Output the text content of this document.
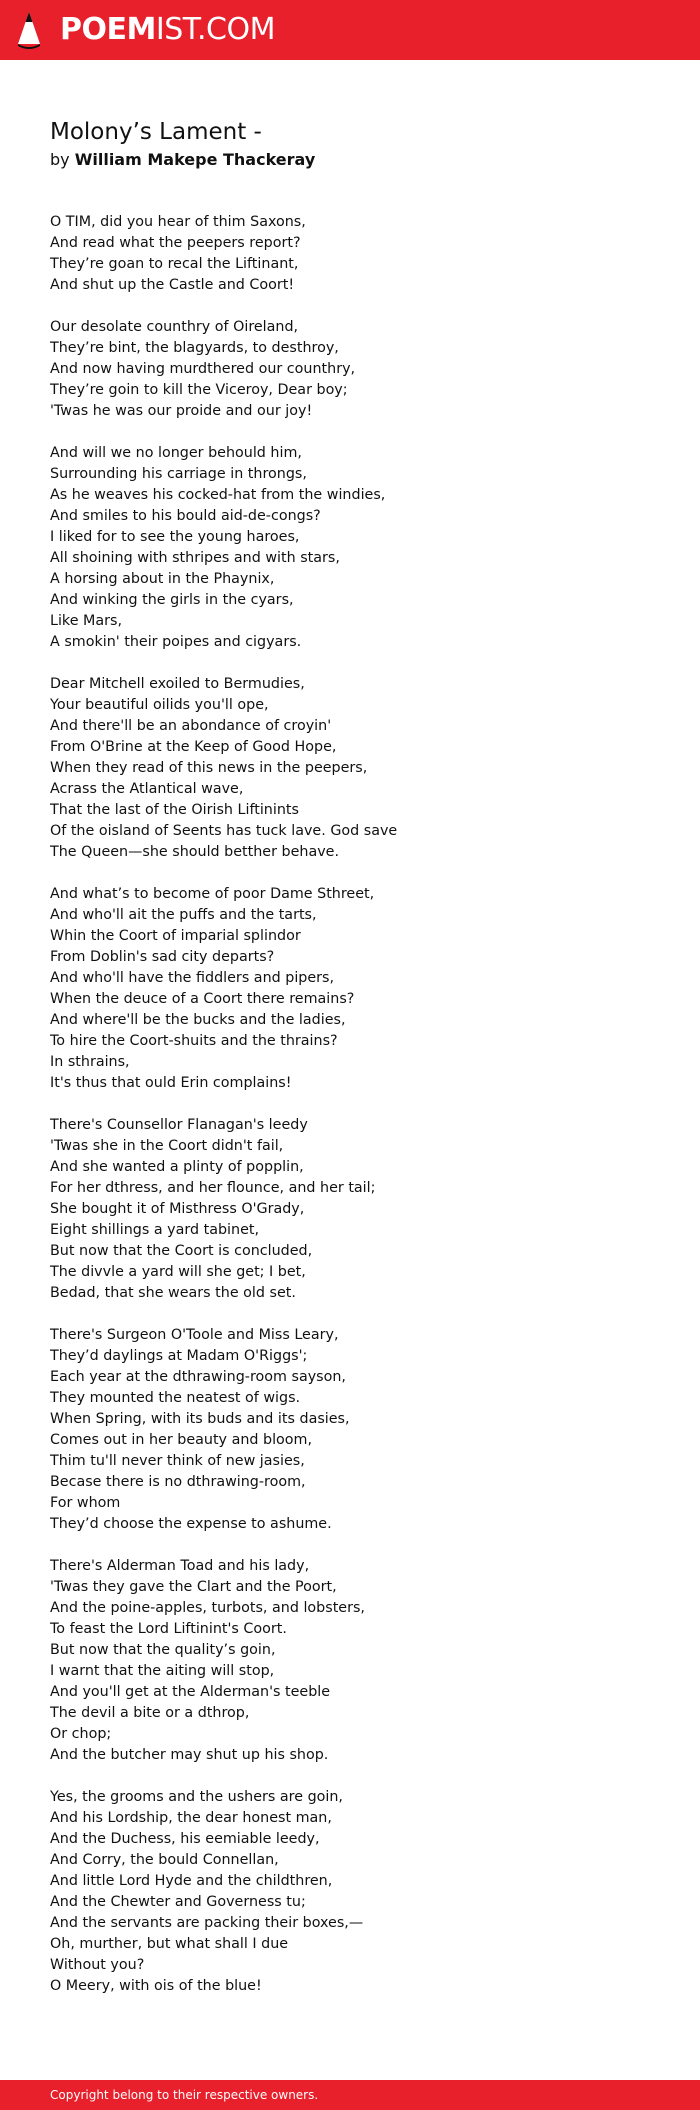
POEMIST.COM
Molony’s Lament -
by William Makepe Thackeray
O TIM, did you hear of thim Saxons,
And read what the peepers report?
They’re goan to recal the Liftinant,
And shut up the Castle and Coort!
Our desolate counthry of Oireland,
They’re bint, the blagyards, to desthroy,
And now having murdthered our counthry,
They’re goin to kill the Viceroy, Dear boy;
'Twas he was our proide and our joy!
And will we no longer behould him,
Surrounding his carriage in throngs,
As he weaves his cocked-hat from the windies,
And smiles to his bould aid-de-congs?
I liked for to see the young haroes,
All shoining with sthripes and with stars,
A horsing about in the Phaynix,
And winking the girls in the cyars,
Like Mars,
A smokin' their poipes and cigyars.
Dear Mitchell exoiled to Bermudies,
Your beautiful oilids you'll ope,
And there'll be an abondance of croyin'
From O'Brine at the Keep of Good Hope,
When they read of this news in the peepers,
Acrass the Atlantical wave,
That the last of the Oirish Liftinints
Of the oisland of Seents has tuck lave. God save
The Queen—she should betther behave.
And what’s to become of poor Dame Sthreet,
And who'll ait the puffs and the tarts,
Whin the Coort of imparial splindor
From Doblin's sad city departs?
And who'll have the fiddlers and pipers,
When the deuce of a Coort there remains?
And where'll be the bucks and the ladies,
To hire the Coort-shuits and the thrains?
In sthrains,
It's thus that ould Erin complains!
There's Counsellor Flanagan's leedy
'Twas she in the Coort didn't fail,
And she wanted a plinty of popplin,
For her dthress, and her flounce, and her tail;
She bought it of Misthress O'Grady,
Eight shillings a yard tabinet,
But now that the Coort is concluded,
The divvle a yard will she get; I bet,
Bedad, that she wears the old set.
There's Surgeon O'Toole and Miss Leary,
They’d daylings at Madam O'Riggs';
Each year at the dthrawing-room sayson,
They mounted the neatest of wigs.
When Spring, with its buds and its dasies,
Comes out in her beauty and bloom,
Thim tu'll never think of new jasies,
Becase there is no dthrawing-room,
For whom
They’d choose the expense to ashume.
There's Alderman Toad and his lady,
'Twas they gave the Clart and the Poort,
And the poine-apples, turbots, and lobsters,
To feast the Lord Liftinint's Coort.
But now that the quality’s goin,
I warnt that the aiting will stop,
And you'll get at the Alderman's teeble
The devil a bite or a dthrop,
Or chop;
And the butcher may shut up his shop.
Yes, the grooms and the ushers are goin,
And his Lordship, the dear honest man,
And the Duchess, his eemiable leedy,
And Corry, the bould Connellan,
And little Lord Hyde and the childthren,
And the Chewter and Governess tu;
And the servants are packing their boxes,—
Oh, murther, but what shall I due
Without you?
O Meery, with ois of the blue!
Copyright belong to their respective owners.
